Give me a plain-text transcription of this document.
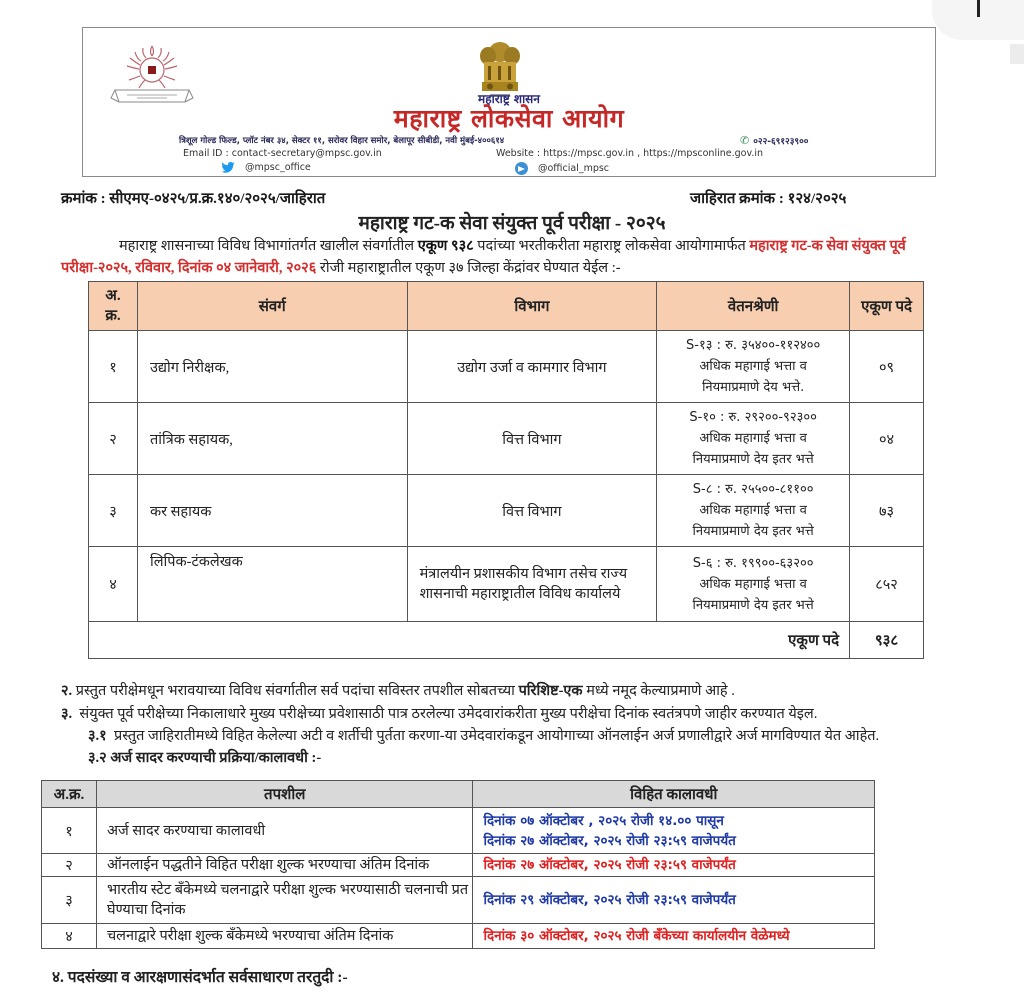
महाराष्ट्र शासन
महाराष्ट्र लोकसेवा आयोग
त्रिशूल गोल्ड फिल्ड, प्लॉट नंबर ३४, सेक्टर ११, सरोवर विहार समोर, बेलापूर सीबीडी, नवी मुंबई-४००६१४	✆ ०२२-६९१२३९००
Email ID : contact-secretary@mpsc.gov.in	Website : https://mpsc.gov.in , https://mpsconline.gov.in
@mpsc_office	@official_mpsc
क्रमांक : सीएमए-०४२५/प्र.क्र.१४०/२०२५/जाहिरात	जाहिरात क्रमांक : १२४/२०२५
महाराष्ट्र गट-क सेवा संयुक्त पूर्व परीक्षा - २०२५
महाराष्ट्र शासनाच्या विविध विभागांतर्गत खालील संवर्गातील एकूण ९३८ पदांच्या भरतीकरीता महाराष्ट्र लोकसेवा आयोगामार्फत महाराष्ट्र गट-क सेवा संयुक्त पूर्व परीक्षा-२०२५, रविवार, दिनांक ०४ जानेवारी, २०२६ रोजी महाराष्ट्रातील एकूण ३७ जिल्हा केंद्रांवर घेण्यात येईल :-
अ.
क्र.	संवर्ग	विभाग	वेतनश्रेणी	एकूण पदे
१	उद्योग निरीक्षक,	उद्योग उर्जा व कामगार विभाग	S-१३ : रु. ३५४००-११२४००
अधिक महागाई भत्ता व
नियमाप्रमाणे देय भत्ते.	०९
२	तांत्रिक सहायक,	वित्त विभाग	S-१० : रु. २९२००-९२३००
अधिक महागाई भत्ता व
नियमाप्रमाणे देय इतर भत्ते	०४
३	कर सहायक	वित्त विभाग	S-८ : रु. २५५००-८११००
अधिक महागाई भत्ता व
नियमाप्रमाणे देय इतर भत्ते	७३
४	लिपिक-टंकलेखक	मंत्रालयीन प्रशासकीय विभाग तसेच राज्य शासनाची महाराष्ट्रातील विविध कार्यालये	S-६ : रु. १९९००-६३२००
अधिक महागाई भत्ता व
नियमाप्रमाणे देय इतर भत्ते	८५२
एकूण पदे				९३८
२. प्रस्तुत परीक्षेमधून भरावयाच्या विविध संवर्गातील सर्व पदांचा सविस्तर तपशील सोबतच्या परिशिष्ट-एक मध्ये नमूद केल्याप्रमाणे आहे .
३. संयुक्त पूर्व परीक्षेच्या निकालाधारे मुख्य परीक्षेच्या प्रवेशासाठी पात्र ठरलेल्या उमेदवारांकरीता मुख्य परीक्षेचा दिनांक स्वतंत्रपणे जाहीर करण्यात येइल.
३.१ प्रस्तुत जाहिरातीमध्ये विहित केलेल्या अटी व शर्तीची पुर्तता करणा-या उमेदवारांकडून आयोगाच्या ऑनलाईन अर्ज प्रणालीद्वारे अर्ज मागविण्यात येत आहेत.
३.२ अर्ज सादर करण्याची प्रक्रिया/कालावधी :-
अ.क्र.	तपशील	विहित कालावधी
१	अर्ज सादर करण्याचा कालावधी	दिनांक ०७ ऑक्टोबर , २०२५ रोजी १४.०० पासून
दिनांक २७ ऑक्टोबर, २०२५ रोजी २३:५९ वाजेपर्यंत
२	ऑनलाईन पद्धतीने विहित परीक्षा शुल्क भरण्याचा अंतिम दिनांक	दिनांक २७ ऑक्टोबर, २०२५ रोजी २३:५९ वाजेपर्यंत
३	भारतीय स्टेट बँकेमध्ये चलनाद्वारे परीक्षा शुल्क भरण्यासाठी चलनाची प्रत घेण्याचा दिनांक	दिनांक २९ ऑक्टोबर, २०२५ रोजी २३:५९ वाजेपर्यंत
४	चलनाद्वारे परीक्षा शुल्क बँकेमध्ये भरण्याचा अंतिम दिनांक	दिनांक ३० ऑक्टोबर, २०२५ रोजी बँकेच्या कार्यालयीन वेळेमध्ये
४. पदसंख्या व आरक्षणासंदर्भात सर्वसाधारण तरतुदी :-
